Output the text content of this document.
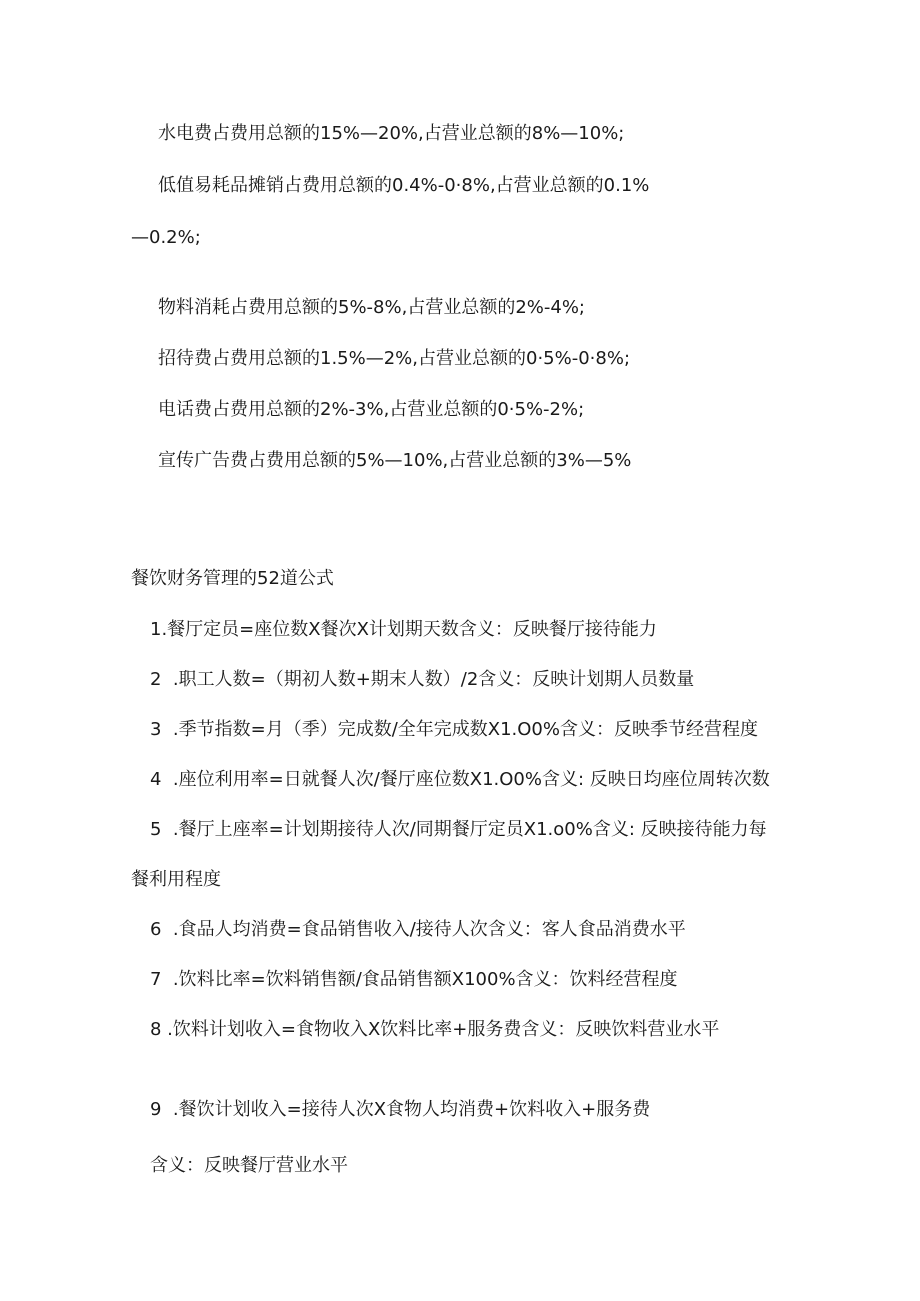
水电费占费用总额的15%—20%,占营业总额的8%—10%;
低值易耗品摊销占费用总额的0.4%-0·8%,占营业总额的0.1%
—0.2%;
物料消耗占费用总额的5%-8%,占营业总额的2%-4%;
招待费占费用总额的1.5%—2%,占营业总额的0·5%-0·8%;
电话费占费用总额的2%-3%,占营业总额的0·5%-2%;
宣传广告费占费用总额的5%—10%,占营业总额的3%—5%
餐饮财务管理的52道公式
1.餐厅定员=座位数X餐次X计划期天数含义：反映餐厅接待能力
2  .职工人数=（期初人数+期末人数）/2含义：反映计划期人员数量
3  .季节指数=月（季）完成数/全年完成数X1.O0%含义：反映季节经营程度
4  .座位利用率=日就餐人次/餐厅座位数X1.O0%含义: 反映日均座位周转次数
5  .餐厅上座率=计划期接待人次/同期餐厅定员X1.o0%含义: 反映接待能力每
餐利用程度
6  .食品人均消费=食品销售收入/接待人次含义：客人食品消费水平
7  .饮料比率=饮料销售额/食品销售额X100%含义：饮料经营程度
8 .饮料计划收入=食物收入X饮料比率+服务费含义：反映饮料营业水平
9  .餐饮计划收入=接待人次X食物人均消费+饮料收入+服务费
含义：反映餐厅营业水平
